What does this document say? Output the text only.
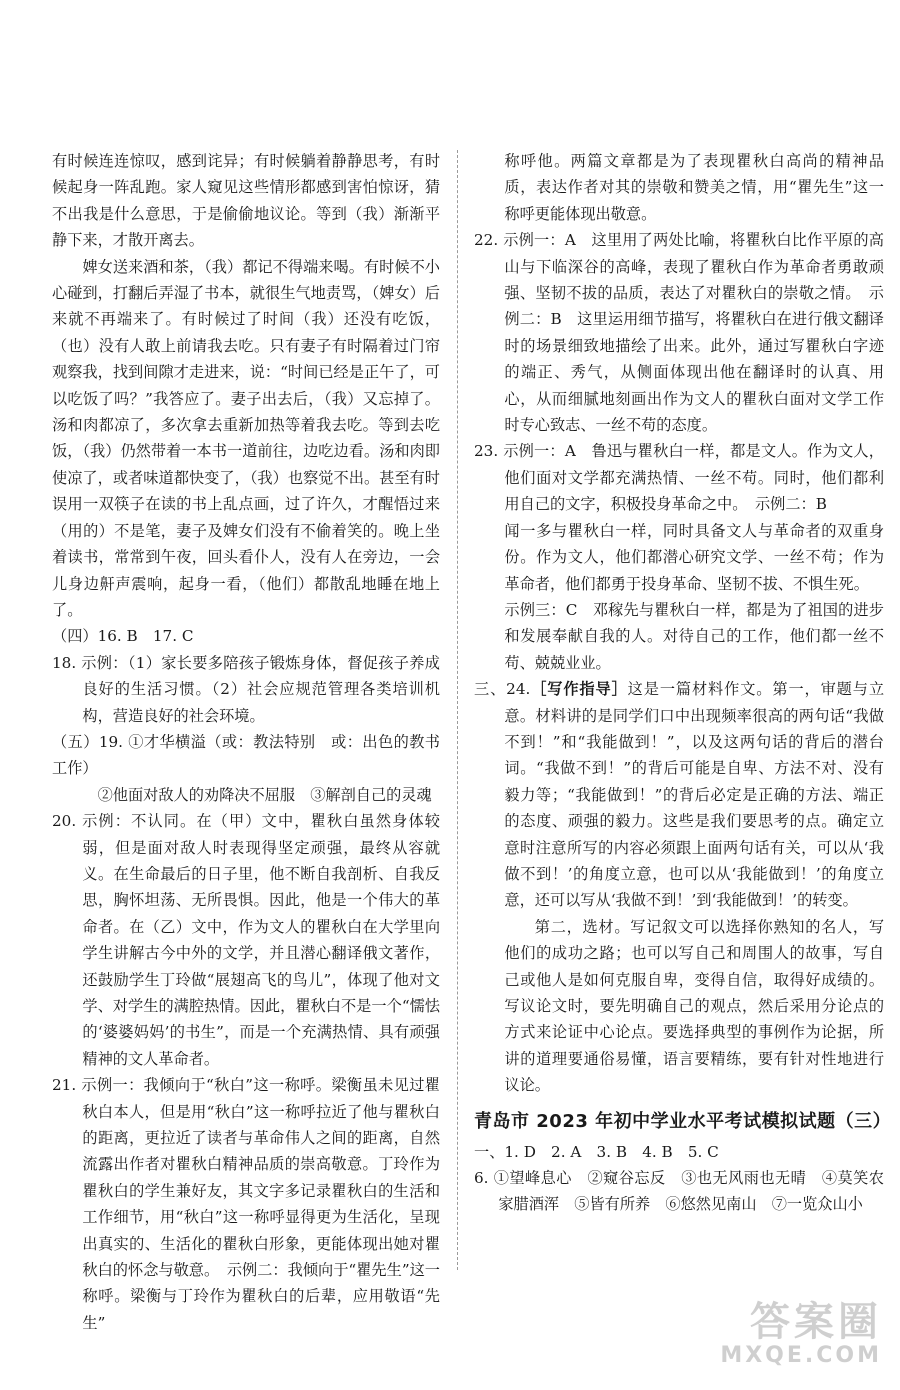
有时候连连惊叹，感到诧异；有时候躺着静静思考，有时候起身一阵乱跑。家人窥见这些情形都感到害怕惊讶，猜不出我是什么意思，于是偷偷地议论。等到（我）渐渐平静下来，才散开离去。

婢女送来酒和茶，（我）都记不得端来喝。有时候不小心碰到，打翻后弄湿了书本，就很生气地责骂，（婢女）后来就不再端来了。有时候过了时间（我）还没有吃饭，（也）没有人敢上前请我去吃。只有妻子有时隔着过门帘观察我，找到间隙才走进来，说：“时间已经是正午了，可以吃饭了吗？”我答应了。妻子出去后，（我）又忘掉了。汤和肉都凉了，多次拿去重新加热等着我去吃。等到去吃饭，（我）仍然带着一本书一道前往，边吃边看。汤和肉即使凉了，或者味道都快变了，（我）也察觉不出。甚至有时误用一双筷子在读的书上乱点画，过了许久，才醒悟过来（用的）不是笔，妻子及婢女们没有不偷着笑的。晚上坐着读书，常常到午夜，回头看仆人，没有人在旁边，一会儿身边鼾声震响，起身一看，（他们）都散乱地睡在地上了。

（四）16. B　17. C

18. 示例：（1）家长要多陪孩子锻炼身体，督促孩子养成良好的生活习惯。（2）社会应规范管理各类培训机构，营造良好的社会环境。

（五）19. ①才华横溢（或：教法特别　或：出色的教书工作）

②他面对敌人的劝降决不屈服　③解剖自己的灵魂

20. 示例：不认同。在（甲）文中，瞿秋白虽然身体较弱，但是面对敌人时表现得坚定顽强，最终从容就义。在生命最后的日子里，他不断自我剖析、自我反思，胸怀坦荡、无所畏惧。因此，他是一个伟大的革命者。在（乙）文中，作为文人的瞿秋白在大学里向学生讲解古今中外的文学，并且潜心翻译俄文著作，还鼓励学生丁玲做“展翅高飞的鸟儿”，体现了他对文学、对学生的满腔热情。因此，瞿秋白不是一个“懦怯的‘婆婆妈妈’的书生”，而是一个充满热情、具有顽强精神的文人革命者。

21. 示例一：我倾向于“秋白”这一称呼。梁衡虽未见过瞿秋白本人，但是用“秋白”这一称呼拉近了他与瞿秋白的距离，更拉近了读者与革命伟人之间的距离，自然流露出作者对瞿秋白精神品质的崇高敬意。丁玲作为瞿秋白的学生兼好友，其文字多记录瞿秋白的生活和工作细节，用“秋白”这一称呼显得更为生活化，呈现出真实的、生活化的瞿秋白形象，更能体现出她对瞿秋白的怀念与敬意。　示例二：我倾向于“瞿先生”这一称呼。梁衡与丁玲作为瞿秋白的后辈，应用敬语“先生”

称呼他。两篇文章都是为了表现瞿秋白高尚的精神品质，表达作者对其的崇敬和赞美之情，用“瞿先生”这一称呼更能体现出敬意。

22. 示例一：A　这里用了两处比喻，将瞿秋白比作平原的高山与下临深谷的高峰，表现了瞿秋白作为革命者勇敢顽强、坚韧不拔的品质，表达了对瞿秋白的崇敬之情。　示例二：B　这里运用细节描写，将瞿秋白在进行俄文翻译时的场景细致地描绘了出来。此外，通过写瞿秋白字迹的端正、秀气，从侧面体现出他在翻译时的认真、用心，从而细腻地刻画出作为文人的瞿秋白面对文学工作时专心致志、一丝不苟的态度。

23. 示例一：A　鲁迅与瞿秋白一样，都是文人。作为文人，他们面对文学都充满热情、一丝不苟。同时，他们都利用自己的文字，积极投身革命之中。　示例二：B

闻一多与瞿秋白一样，同时具备文人与革命者的双重身份。作为文人，他们都潜心研究文学、一丝不苟；作为革命者，他们都勇于投身革命、坚韧不拔、不惧生死。

示例三：C　邓稼先与瞿秋白一样，都是为了祖国的进步和发展奉献自我的人。对待自己的工作，他们都一丝不苟、兢兢业业。

三、24.［写作指导］这是一篇材料作文。第一，审题与立意。材料讲的是同学们口中出现频率很高的两句话“我做不到！”和“我能做到！”，以及这两句话的背后的潜台词。“我做不到！”的背后可能是自卑、方法不对、没有毅力等；“我能做到！”的背后必定是正确的方法、端正的态度、顽强的毅力。这些是我们要思考的点。确定立意时注意所写的内容必须跟上面两句话有关，可以从‘我做不到！’的角度立意，也可以从‘我能做到！’的角度立意，还可以写从‘我做不到！’到‘我能做到！’的转变。

第二，选材。写记叙文可以选择你熟知的名人，写他们的成功之路；也可以写自己和周围人的故事，写自己或他人是如何克服自卑，变得自信，取得好成绩的。写议论文时，要先明确自己的观点，然后采用分论点的方式来论证中心论点。要选择典型的事例作为论据，所讲的道理要通俗易懂，语言要精练，要有针对性地进行议论。

青岛市 2023 年初中学业水平考试模拟试题（三）

一、1. D　2. A　3. B　4. B　5. C

6. ①望峰息心　②窥谷忘反　③也无风雨也无晴　④莫笑农家腊酒浑　⑤皆有所养　⑥悠然见南山　⑦一览众山小

答案圈
MXQE.COM
